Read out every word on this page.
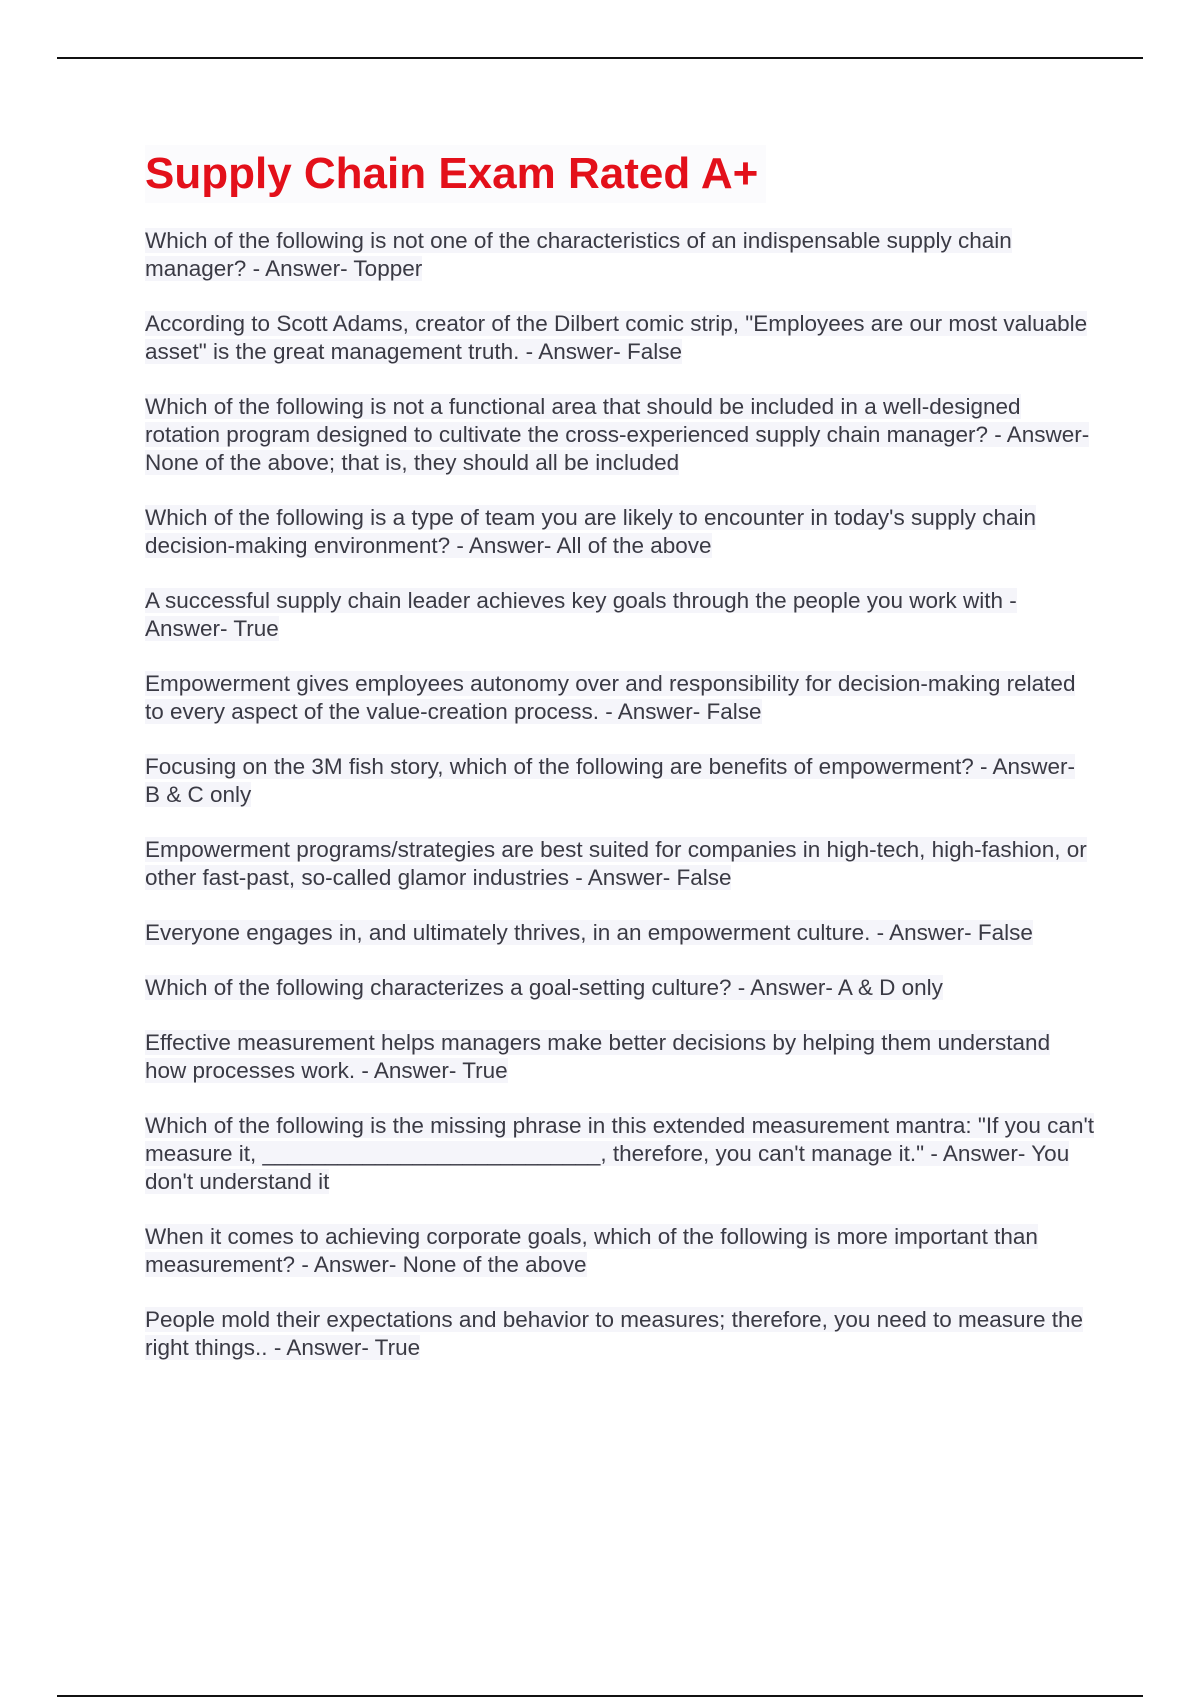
Supply Chain Exam Rated A+

Which of the following is not one of the characteristics of an indispensable supply chain manager? - Answer- Topper

According to Scott Adams, creator of the Dilbert comic strip, "Employees are our most valuable asset" is the great management truth. - Answer- False

Which of the following is not a functional area that should be included in a well-designed rotation program designed to cultivate the cross-experienced supply chain manager? - Answer- None of the above; that is, they should all be included

Which of the following is a type of team you are likely to encounter in today's supply chain decision-making environment? - Answer- All of the above

A successful supply chain leader achieves key goals through the people you work with - Answer- True

Empowerment gives employees autonomy over and responsibility for decision-making related to every aspect of the value-creation process. - Answer- False

Focusing on the 3M fish story, which of the following are benefits of empowerment? - Answer- B & C only

Empowerment programs/strategies are best suited for companies in high-tech, high-fashion, or other fast-past, so-called glamor industries - Answer- False

Everyone engages in, and ultimately thrives, in an empowerment culture. - Answer- False

Which of the following characterizes a goal-setting culture? - Answer- A & D only

Effective measurement helps managers make better decisions by helping them understand how processes work. - Answer- True

Which of the following is the missing phrase in this extended measurement mantra: "If you can't measure it, ___________________________, therefore, you can't manage it." - Answer- You don't understand it

When it comes to achieving corporate goals, which of the following is more important than measurement? - Answer- None of the above

People mold their expectations and behavior to measures; therefore, you need to measure the right things.. - Answer- True
